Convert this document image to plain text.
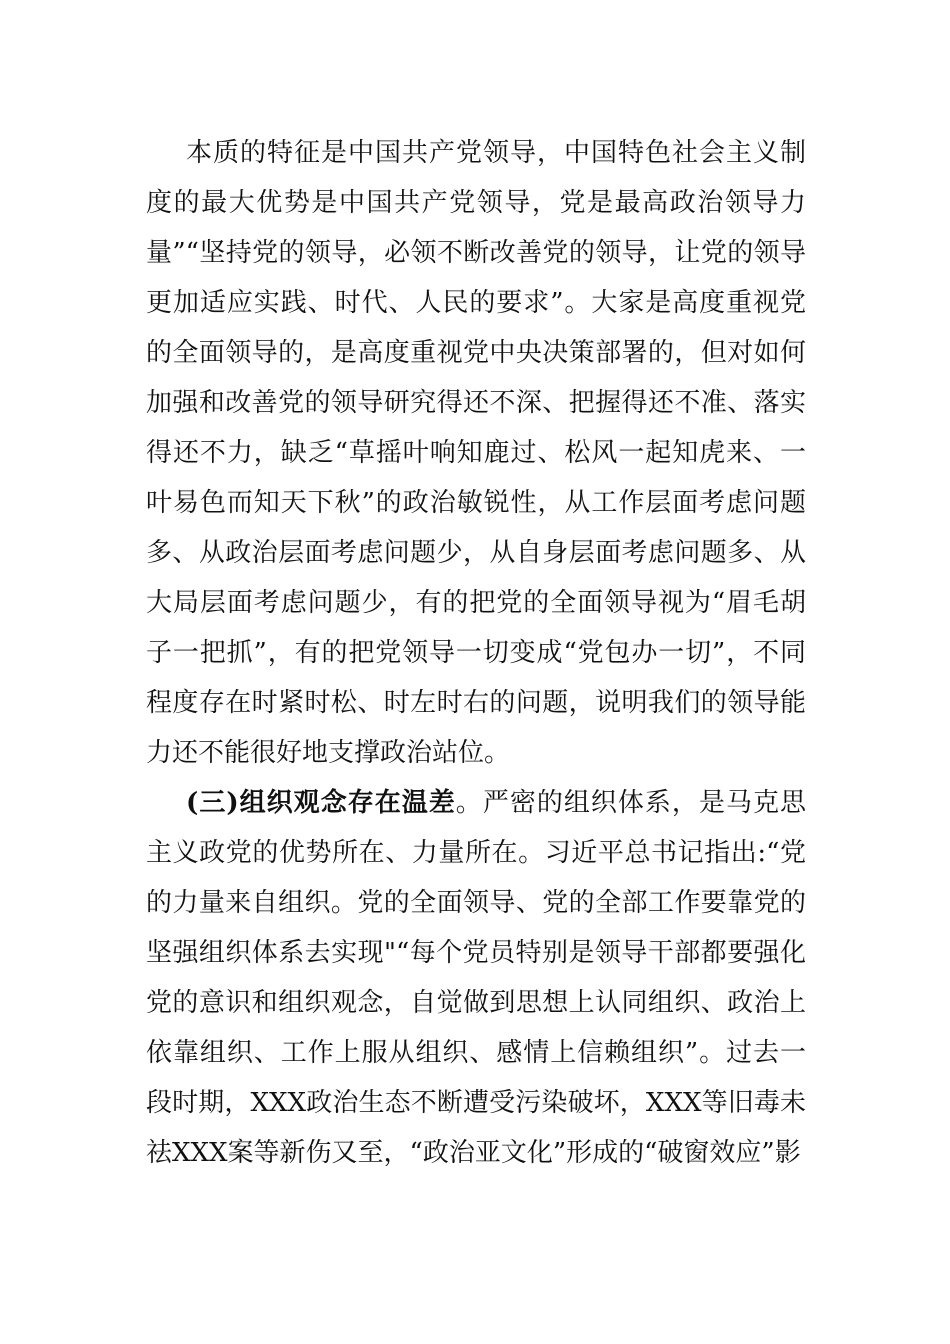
本质的特征是中国共产党领导，中国特色社会主义制度的最大优势是中国共产党领导，党是最高政治领导力量”“坚持党的领导，必领不断改善党的领导，让党的领导更加适应实践、时代、人民的要求”。大家是高度重视党的全面领导的，是高度重视党中央决策部署的，但对如何加强和改善党的领导研究得还不深、把握得还不准、落实得还不力，缺乏“草摇叶响知鹿过、松风一起知虎来、一叶易色而知天下秋”的政治敏锐性，从工作层面考虑问题多、从政治层面考虑问题少，从自身层面考虑问题多、从大局层面考虑问题少，有的把党的全面领导视为“眉毛胡子一把抓”，有的把党领导一切变成“党包办一切”，不同程度存在时紧时松、时左时右的问题，说明我们的领导能力还不能很好地支撑政治站位。

(三)组织观念存在温差。严密的组织体系，是马克思主义政党的优势所在、力量所在。习近平总书记指出:“党的力量来自组织。党的全面领导、党的全部工作要靠党的坚强组织体系去实现"“每个党员特别是领导干部都要强化党的意识和组织观念，自觉做到思想上认同组织、政治上依靠组织、工作上服从组织、感情上信赖组织”。过去一段时期，XXX政治生态不断遭受污染破坏，XXX等旧毒未祛XXX案等新伤又至，“政治亚文化”形成的“破窗效应”影
